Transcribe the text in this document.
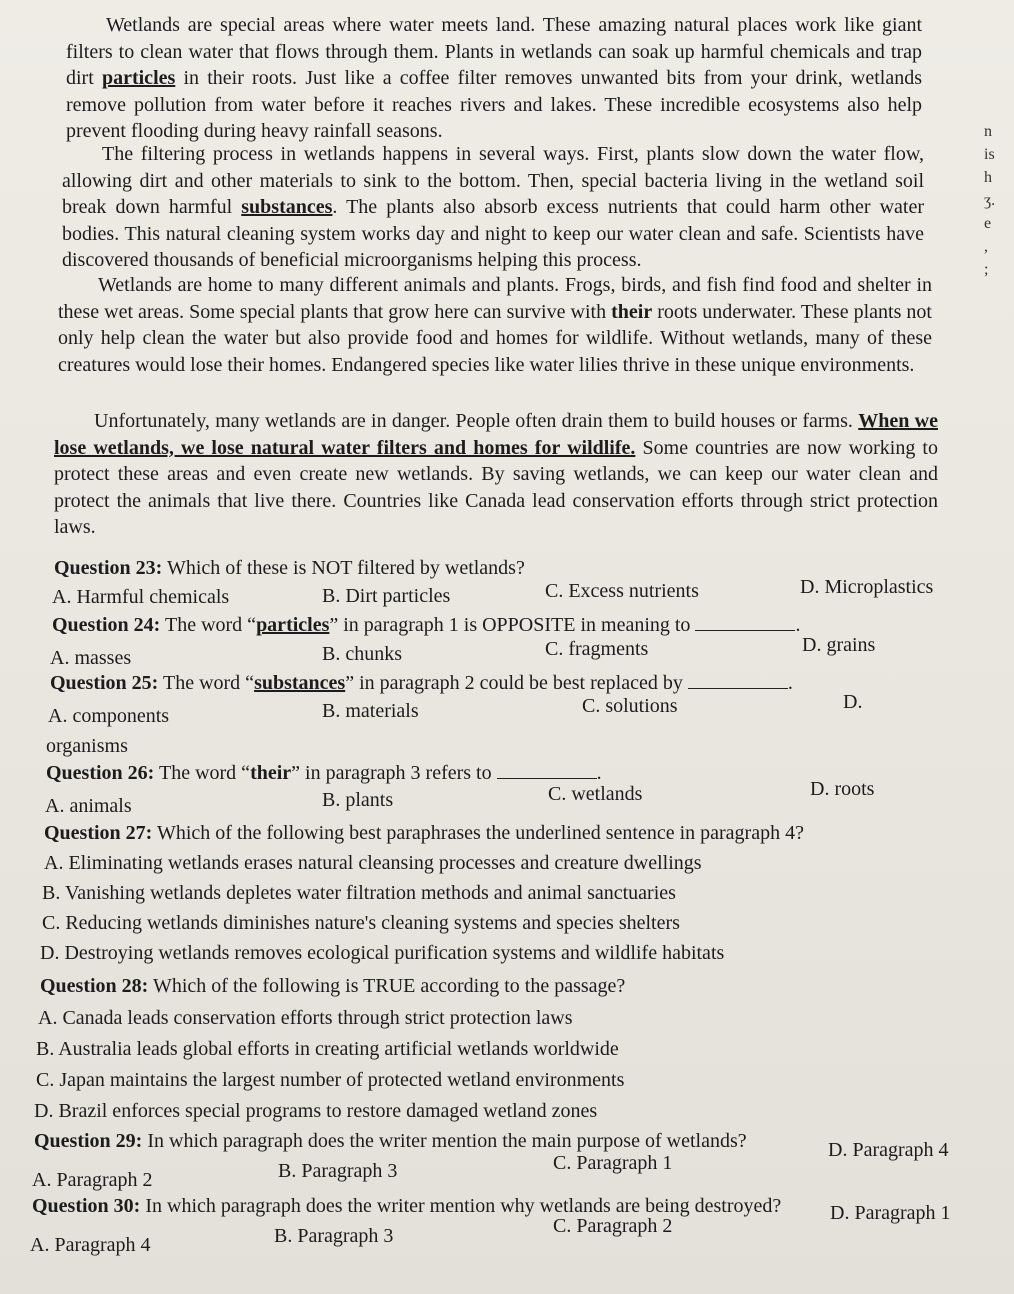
n
is
h
ʒ.
e
,
;
Wetlands are special areas where water meets land. These amazing natural places work like giant filters to clean water that flows through them. Plants in wetlands can soak up harmful chemicals and trap dirt particles in their roots. Just like a coffee filter removes unwanted bits from your drink, wetlands remove pollution from water before it reaches rivers and lakes. These incredible ecosystems also help prevent flooding during heavy rainfall seasons.
The filtering process in wetlands happens in several ways. First, plants slow down the water flow, allowing dirt and other materials to sink to the bottom. Then, special bacteria living in the wetland soil break down harmful substances. The plants also absorb excess nutrients that could harm other water bodies. This natural cleaning system works day and night to keep our water clean and safe. Scientists have discovered thousands of beneficial microorganisms helping this process.
Wetlands are home to many different animals and plants. Frogs, birds, and fish find food and shelter in these wet areas. Some special plants that grow here can survive with their roots underwater. These plants not only help clean the water but also provide food and homes for wildlife. Without wetlands, many of these creatures would lose their homes. Endangered species like water lilies thrive in these unique environments.
Unfortunately, many wetlands are in danger. People often drain them to build houses or farms. When we lose wetlands, we lose natural water filters and homes for wildlife. Some countries are now working to protect these areas and even create new wetlands. By saving wetlands, we can keep our water clean and protect the animals that live there. Countries like Canada lead conservation efforts through strict protection laws.
Question 23: Which of these is NOT filtered by wetlands?
A. Harmful chemicals	B. Dirt particles	C. Excess nutrients	D. Microplastics
Question 24: The word “particles” in paragraph 1 is OPPOSITE in meaning to	.
A. masses	B. chunks	C. fragments	D. grains
Question 25: The word “substances” in paragraph 2 could be best replaced by	.
A. components	B. materials	C. solutions	D.
organisms
Question 26: The word “their” in paragraph 3 refers to	.
A. animals	B. plants	C. wetlands	D. roots
Question 27: Which of the following best paraphrases the underlined sentence in paragraph 4?
A. Eliminating wetlands erases natural cleansing processes and creature dwellings
B. Vanishing wetlands depletes water filtration methods and animal sanctuaries
C. Reducing wetlands diminishes nature's cleaning systems and species shelters
D. Destroying wetlands removes ecological purification systems and wildlife habitats
Question 28: Which of the following is TRUE according to the passage?
A. Canada leads conservation efforts through strict protection laws
B. Australia leads global efforts in creating artificial wetlands worldwide
C. Japan maintains the largest number of protected wetland environments
D. Brazil enforces special programs to restore damaged wetland zones
Question 29: In which paragraph does the writer mention the main purpose of wetlands?
A. Paragraph 2	B. Paragraph 3	C. Paragraph 1
D. Paragraph 4
Question 30: In which paragraph does the writer mention why wetlands are being destroyed?
A. Paragraph 4	B. Paragraph 3	C. Paragraph 2
D. Paragraph 1
